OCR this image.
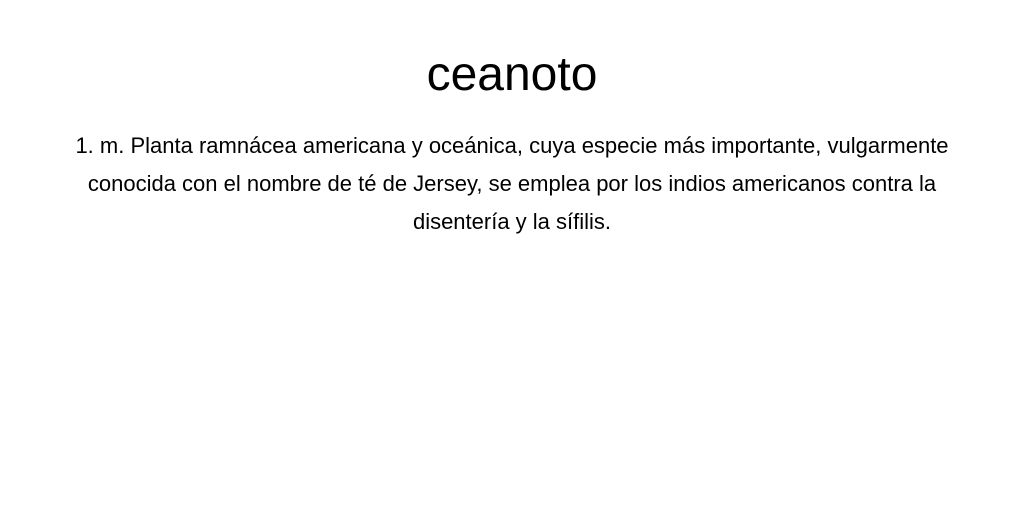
ceanoto

1. m. Planta ramnácea americana y oceánica, cuya especie más importante, vulgarmente conocida con el nombre de té de Jersey, se emplea por los indios americanos contra la disentería y la sífilis.
